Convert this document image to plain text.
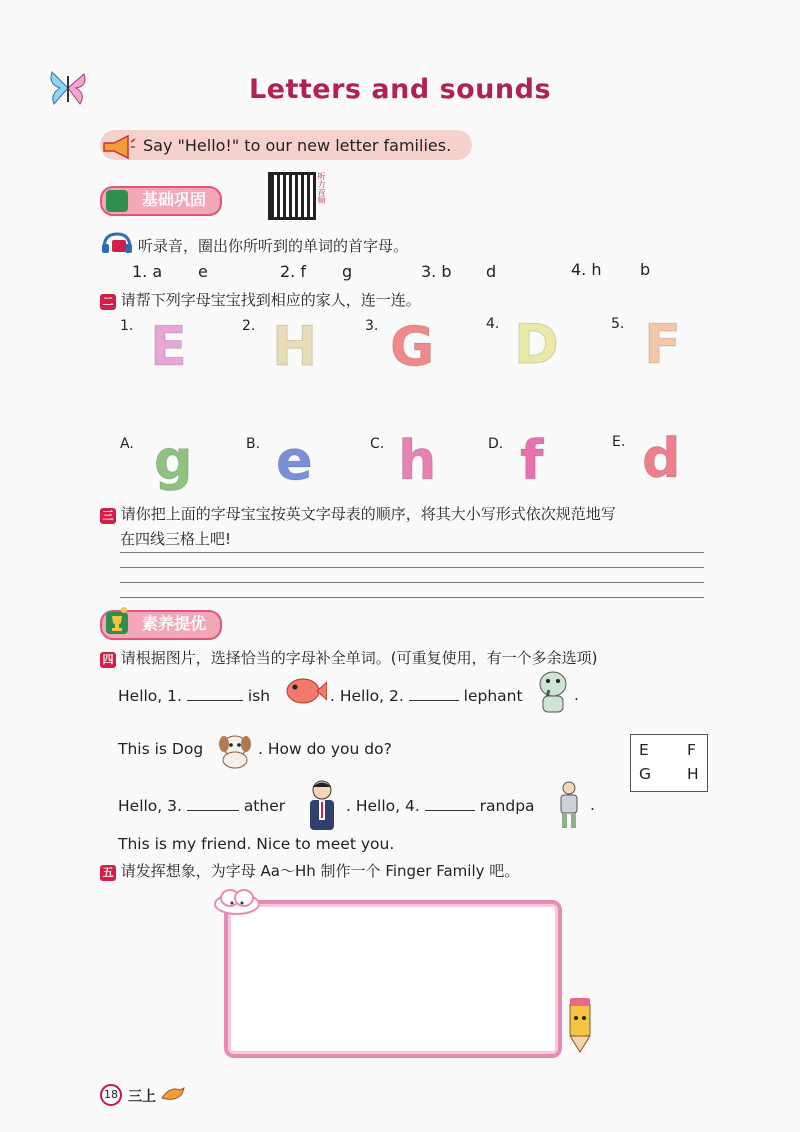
Letters and sounds
Say "Hello!" to our new letter families.
基础巩固	听力音频
听录音，圈出你所听到的单词的首字母。
1. a e	2. f g	3. b d	4. h b
二 请帮下列字母宝宝找到相应的家人，连一连。
1. E	2. H	3. G	4. D	5. F
A. g	B. e	C. h	D. f	E. d
三 请你把上面的字母宝宝按英文字母表的顺序，将其大小写形式依次规范地写
在四线三格上吧!
素养提优
四 请根据图片，选择恰当的字母补全单词。(可重复使用，有一个多余选项)
Hello, 1.	ish	. Hello, 2.	lephant	.
This is Dog	. How do you do?	E F
G H
Hello, 3.	ather	. Hello, 4.	randpa	.
This is my friend. Nice to meet you.
五 请发挥想象，为字母 Aa～Hh 制作一个 Finger Family 吧。
18 三上
